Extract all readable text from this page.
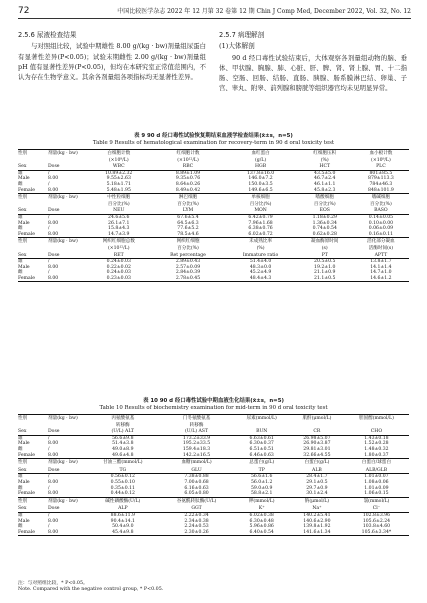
72	中国比较医学杂志 2022 年 12 月第 32 卷第 12 期 Chin J Comp Med, December 2022, Vol. 32, No. 12
2.5.6 尿液检查结果

与对照组比较，试验中期雄性 8.00 g/(kg · bw)剂量组尿蛋白有显著性差异(P<0.05)；试验末期雌性 2.00 g/(kg · bw)剂量组 pH 值有显著性差异(P<0.05)，但均在本研究室正常值范围内，不认为存在生物学意义。其余各剂量组各项指标均无显著性差异。

2.5.7 病理解剖
(1)大体解剖

90 d 经口毒性试验结束后，大体观察各剂量组动物的脑、垂体、甲状腺、胸腺、肺、心脏、肝、脾、肾、肾上腺、胃、十二指肠、空肠、回肠、结肠、直肠、胰腺、肠系膜淋巴结、卵巢、子宫、睾丸、附睾、前列腺和膀胱等组织器官均未见明显异常。

表 9 90 d 经口毒性试验恢复期结束血液学检查结果(x̄±s，n=5)
Table 9 Results of hematological examination for recovery-term in 90 d oral toxicity test
性别	剂量(kg · bw)	白细胞计数	红细胞计数	血红蛋白	红细胞压积	血小板计数
		(×10⁹/L)	(×10¹²/L)	(g/L)	(%)	(×10⁹/L)
Sex	Dose	WBC	RBC	HGB	HCT	PLC
雄	/	10.89±2.32	8.89±1.09	137.8±16.0	43.5±5.0	801±85.5
Male	8.00	9.55±2.63	9.35±0.76	146.0±7.2	46.7±2.4	879±113.3
雌	/	5.18±1.71	8.64±0.26	150.0±3.5	46.1±1.1	784±46.3
Female	8.00	5.48±1.95	8.49±0.42	149.6±6.5	45.8±2.3	848±101.9
性别	剂量(kg · bw)	中性粒细胞	淋巴细胞	单核细胞	嗜酸细胞	嗜碱细胞
		百分比(%)	百分比(%)	百分比(%)	百分比(%)	百分比(%)
Sex	Dose	NEU	LYM	MON	EOS	BASO
雄	/	24.6±5.6	67.6±5.4	6.42±0.79	1.18±0.29	0.14±0.05
Male	8.00	26.1±7.1	64.5±6.3	7.96±1.68	1.36±0.34	0.10±0.00
雌	/	15.8±4.3	77.6±5.2	6.38±0.76	0.74±0.54	0.06±0.09
Female	8.00	14.7±3.9	78.5±4.6	6.02±0.72	0.62±0.28	0.16±0.11
性别	剂量(kg · bw)	网织红细胞总数	网织红细胞	未成熟比率	凝血酶原时间	活化部分凝血
		(×10¹²/L)	百分比(%)	(%)	(s)	活酶时间(s)
Sex	Dose	RET	Ret percentage	Immature ratio	PT	APTT
雄	/	0.24±0.03	2.89±0.43	51.4±4.0	20.5±0.5	13.8±1.7
Male	8.00	0.22±0.02	2.57±0.09	48.3±0.0	19.2±1.0	14.1±1.4
雌	/	0.24±0.03	2.84±0.39	45.2±4.9	21.1±0.9	14.7±1.0
Female	8.00	0.23±0.03	2.78±0.45	48.4±4.3	21.1±0.5	14.6±1.2
表 10 90 d 经口毒性试验中期血液生化结果(x̄±s，n=5)
Table 10 Results of biochemistry examination for mid-term in 90 d oral toxicity test
性别	剂量(kg · bw)	丙氨酸氨基	门冬氨酸氨基	尿素(mmol/L)	肌酐(μmol/L)	胆固醇(mmol/L)
		转移酶	转移酶			
Sex	Dose	(U/L) ALT	(U/L) AST	BUN	CR	CHO
雄	/	56.6±9.8	173.2±33.9	6.63±0.61	26.98±5.07	1.43±0.18
Male	8.00	51.4±3.8	195.2±33.5	6.30±0.37	26.90±3.87	1.52±0.28
雌	/	49.0±8.9	159.4±18.3	6.51±0.51	29.81±3.01	1.48±0.32
Female	8.00	49.6±4.8	142.2±16.5	6.46±0.63	32.66±4.55	1.80±0.37
性别	剂量(kg · bw)	甘油三酯(mmol/L)	血糖(mmol/L)	总蛋白(g/L)	白蛋白(g/L)	白蛋白/球蛋白

Sex	Dose	TG	GLU	TP	ALB	ALB/GLB
雄	/	0.56±0.12	7.38±0.88	56.6±1.6	28.4±1.7	1.01±0.07
Male	8.00	0.55±0.10	7.00±0.68	56.0±1.2	29.1±0.5	1.08±0.06
雌	/	0.35±0.11	6.16±0.63	59.0±0.9	29.7±0.9	1.01±0.09
Female	8.00	0.44±0.12	6.05±0.80	58.8±2.1	30.1±2.4	1.06±0.15
性别	剂量(kg · bw)	碱性磷酸酶(U/L)	谷氨酰转肽酶(U/L)	钾(mmol/L)	钠(μmol/L)	氯(mmol/L)

Sex	Dose	ALP	GGT	K⁺	Na⁺	Cl⁻
雄	/	88.6±11.9	2.22±0.34	6.02±0.38	140.2±5.41	102.8±3.96
Male	8.00	90.4±14.1	2.34±0.38	6.30±0.48	140.6±2.90	105.6±2.24
雌	/	50.4±9.0	2.24±0.53	5.96±0.86	139.8±1.92	103.8±4.60
Female	8.00	45.4±9.8	2.30±0.26	6.40±0.54	141.6±1.34	105.6±3.34*
注：与对照组比较，* P<0.05。
Note. Compared with the negative control group, * P<0.05.
